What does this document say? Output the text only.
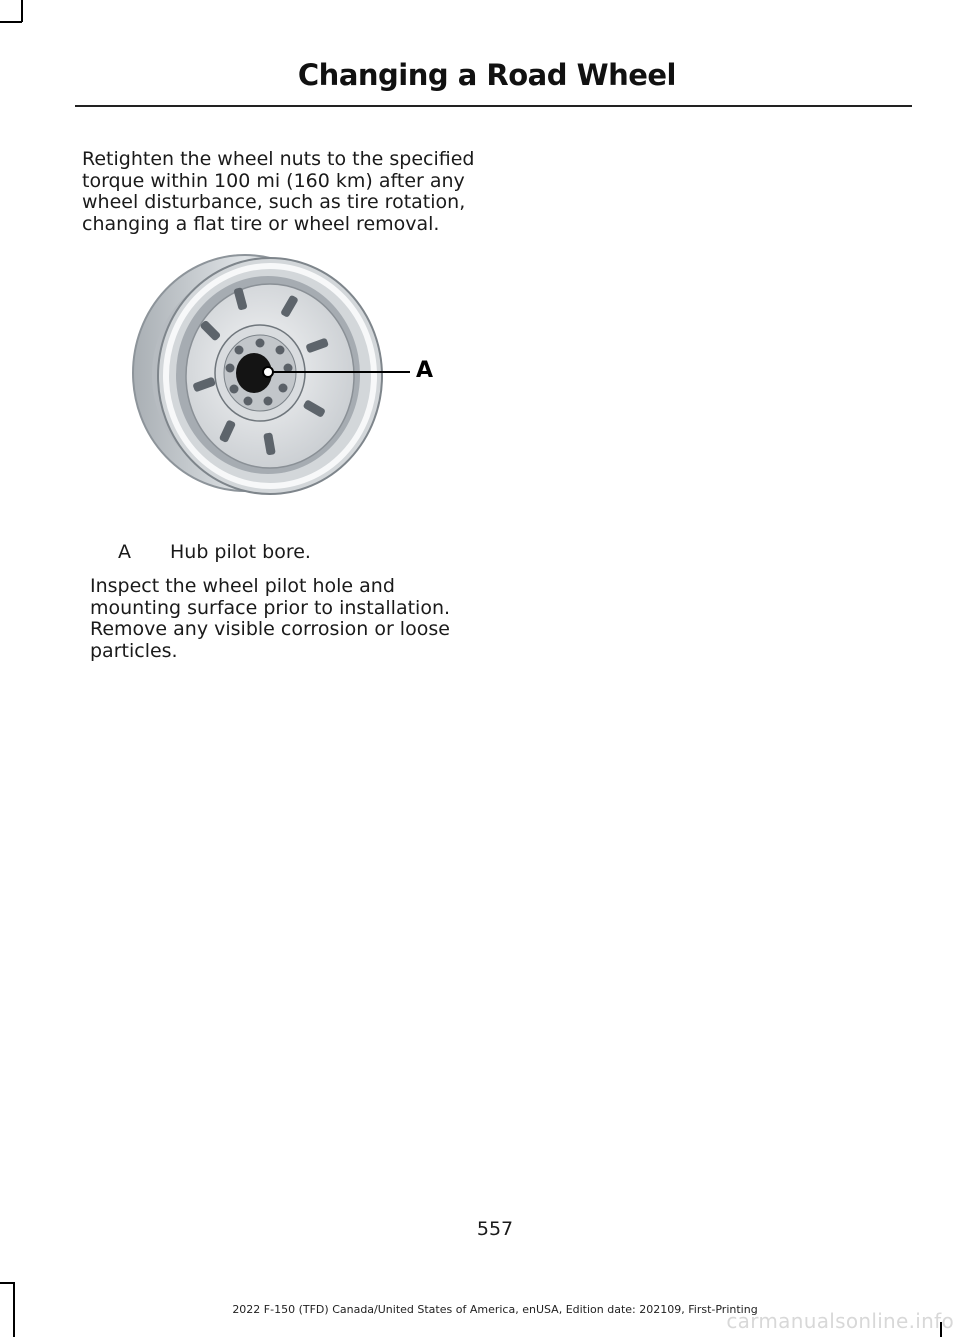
Changing a Road Wheel
Retighten the wheel nuts to the specified torque within 100 mi (160 km) after any wheel disturbance, such as tire rotation, changing a flat tire or wheel removal.
A
A Hub pilot bore.
Inspect the wheel pilot hole and mounting surface prior to installation. Remove any visible corrosion or loose particles.
557
2022 F-150 (TFD) Canada/United States of America, enUSA, Edition date: 202109, First-Printing
carmanualsonline.info
